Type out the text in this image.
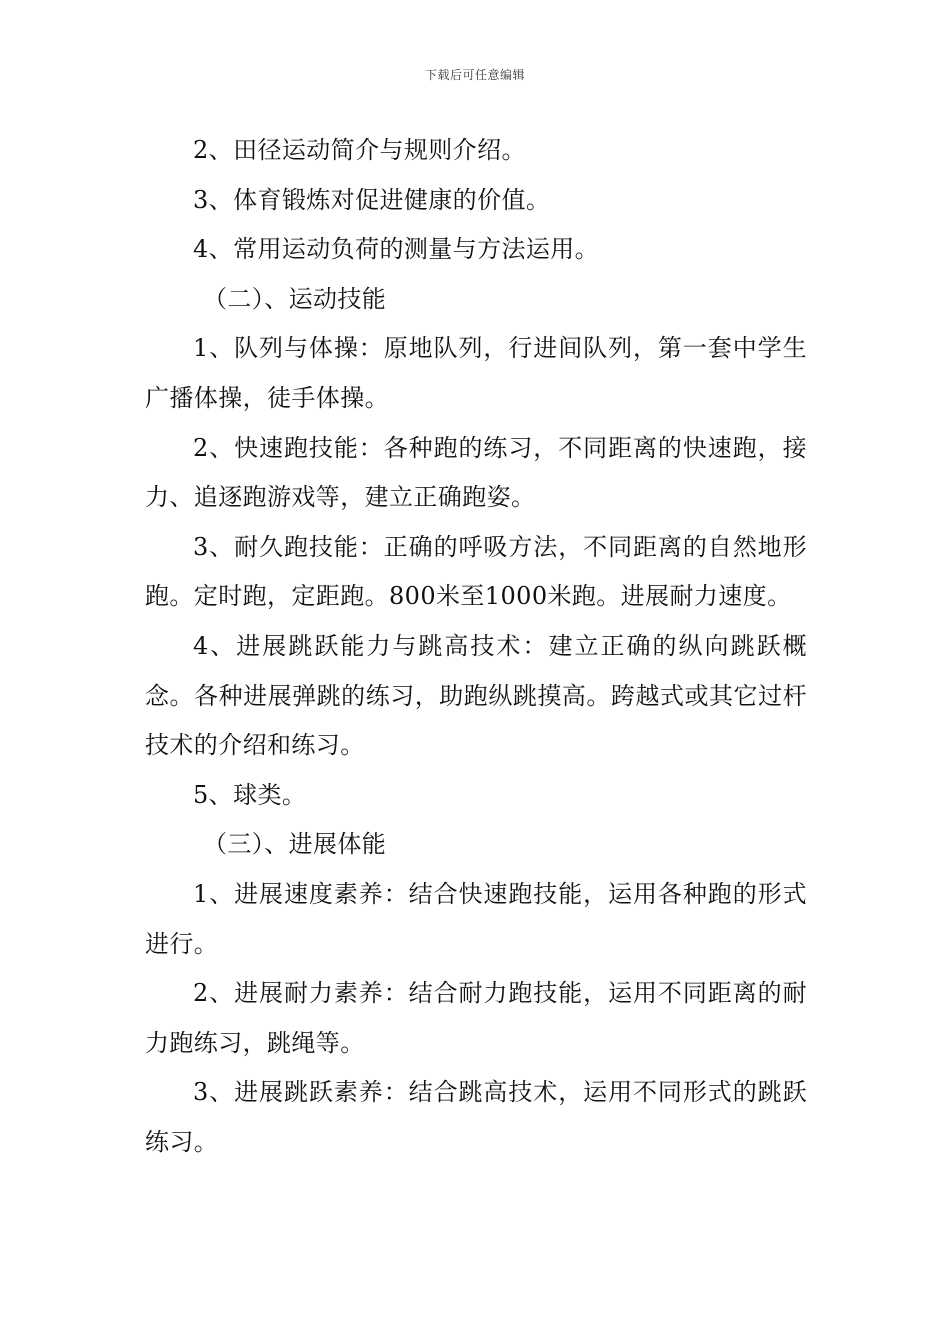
下载后可任意编辑

2、田径运动简介与规则介绍。

3、体育锻炼对促进健康的价值。

4、常用运动负荷的测量与方法运用。

（二）、运动技能

1、队列与体操：原地队列，行进间队列，第一套中学生广播体操，徒手体操。

2、快速跑技能：各种跑的练习，不同距离的快速跑，接力、追逐跑游戏等，建立正确跑姿。

3、耐久跑技能：正确的呼吸方法，不同距离的自然地形跑。定时跑，定距跑。800米至1000米跑。进展耐力速度。

4、进展跳跃能力与跳高技术：建立正确的纵向跳跃概念。各种进展弹跳的练习，助跑纵跳摸高。跨越式或其它过杆技术的介绍和练习。

5、球类。

（三）、进展体能

1、进展速度素养：结合快速跑技能，运用各种跑的形式进行。

2、进展耐力素养：结合耐力跑技能，运用不同距离的耐力跑练习，跳绳等。

3、进展跳跃素养：结合跳高技术，运用不同形式的跳跃练习。
